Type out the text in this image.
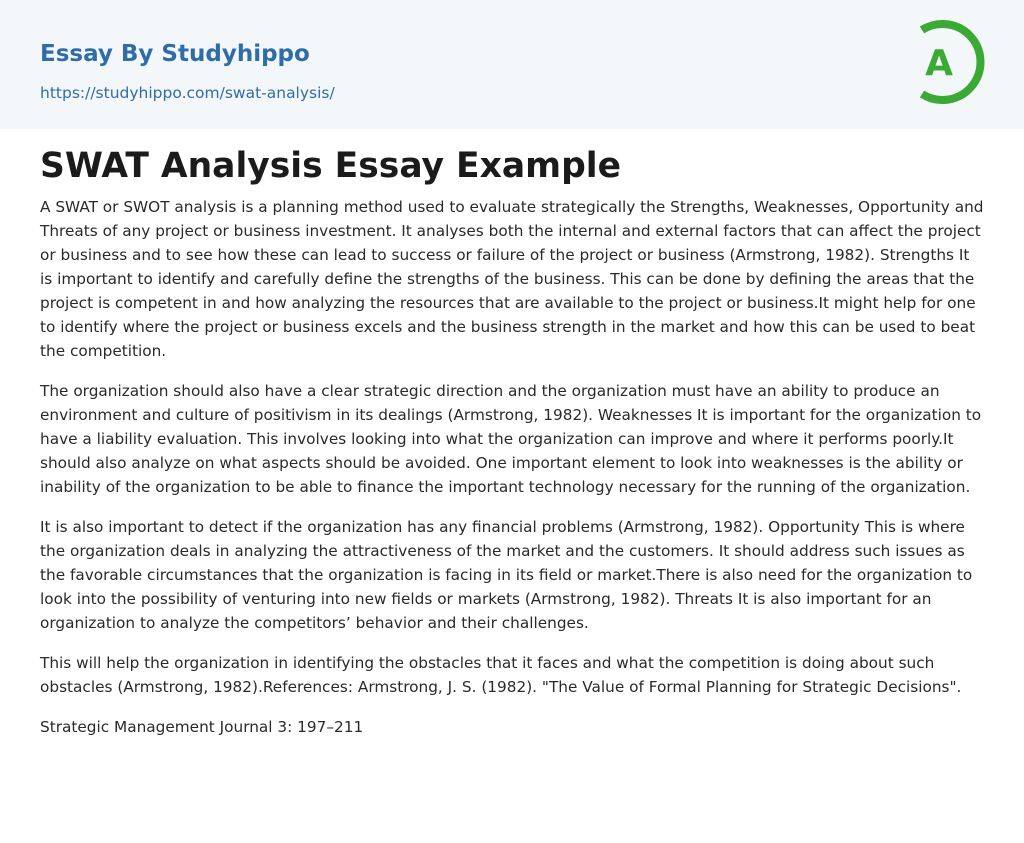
Essay By Studyhippo
https://studyhippo.com/swat-analysis/
A
SWAT Analysis Essay Example

A SWAT or SWOT analysis is a planning method used to evaluate strategically the Strengths, Weaknesses, Opportunity and Threats of any project or business investment. It analyses both the internal and external factors that can affect the project or business and to see how these can lead to success or failure of the project or business (Armstrong, 1982). Strengths It is important to identify and carefully define the strengths of the business. This can be done by defining the areas that the project is competent in and how analyzing the resources that are available to the project or business.It might help for one to identify where the project or business excels and the business strength in the market and how this can be used to beat the competition.

The organization should also have a clear strategic direction and the organization must have an ability to produce an environment and culture of positivism in its dealings (Armstrong, 1982). Weaknesses It is important for the organization to have a liability evaluation. This involves looking into what the organization can improve and where it performs poorly.It should also analyze on what aspects should be avoided. One important element to look into weaknesses is the ability or inability of the organization to be able to finance the important technology necessary for the running of the organization.

It is also important to detect if the organization has any financial problems (Armstrong, 1982). Opportunity This is where the organization deals in analyzing the attractiveness of the market and the customers. It should address such issues as the favorable circumstances that the organization is facing in its field or market.There is also need for the organization to look into the possibility of venturing into new fields or markets (Armstrong, 1982). Threats It is also important for an organization to analyze the competitors’ behavior and their challenges.

This will help the organization in identifying the obstacles that it faces and what the competition is doing about such obstacles (Armstrong, 1982).References: Armstrong, J. S. (1982). "The Value of Formal Planning for Strategic Decisions".

Strategic Management Journal 3: 197–211
